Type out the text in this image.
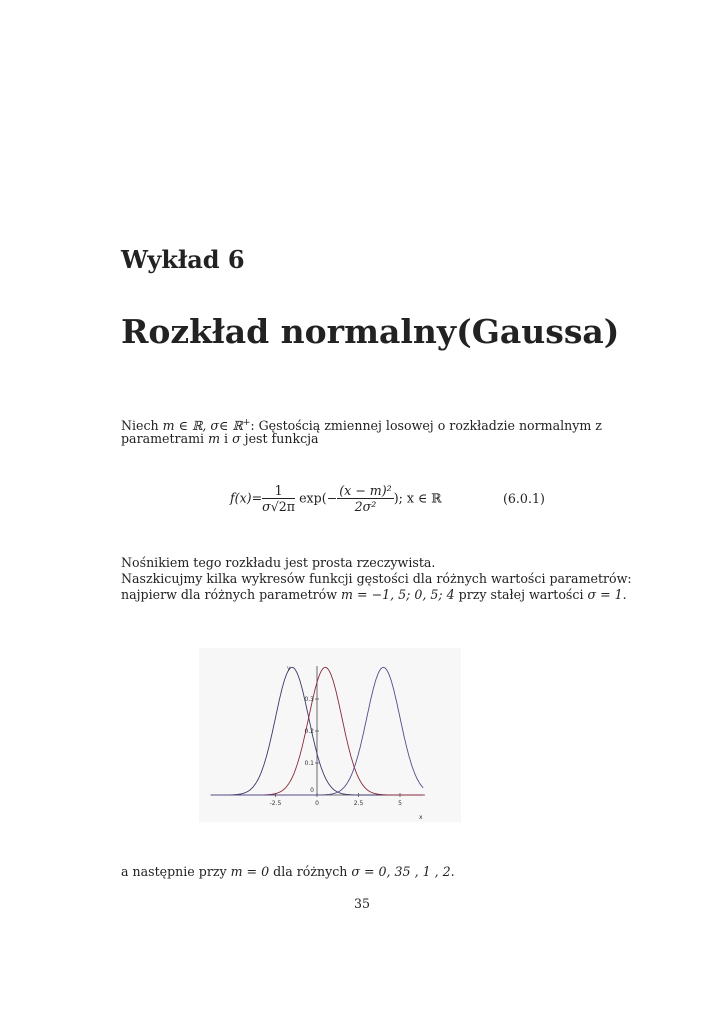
Wykład 6
Rozkład normalny(Gaussa)
Niech m ∈ ℝ, σ∈ ℝ+: Gęstością zmiennej losowej o rozkładzie normalnym z
parametrami m i σ jest funkcja
$f(x)= \frac{1}{\sigma√2\pi} \exp(- \frac{\text{(x − m)²}}{\text{2σ²}}$ ); x ∈ ℝ	(6.0.1)
Nośnikiem tego rozkładu jest prosta rzeczywista.
Naszkicujmy kilka wykresów funkcji gęstości dla różnych wartości parametrów:
najpierw dla różnych parametrów m = −1, 5; 0, 5; 4 przy stałej wartości σ = 1.
-2.5	0	2.5	5
0
0.1
0.2
0.3
x
y
a następnie przy m = 0 dla różnych σ = 0, 35 , 1 , 2.
35
